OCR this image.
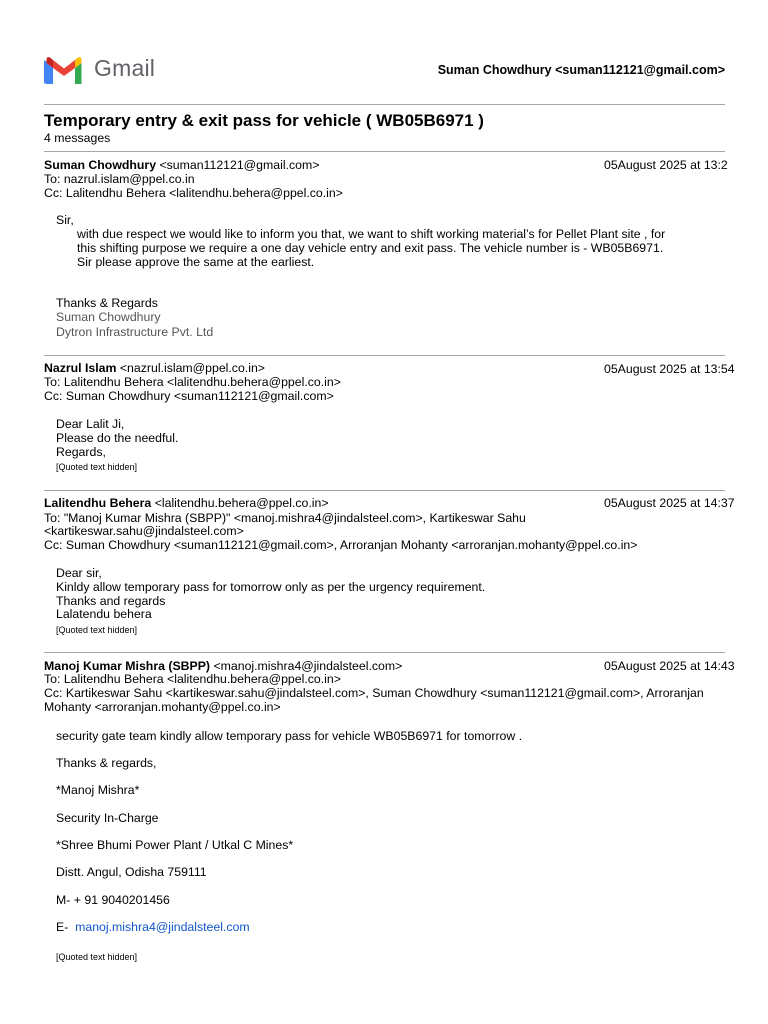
Gmail	Suman Chowdhury <suman112121@gmail.com>
Temporary entry & exit pass for vehicle ( WB05B6971 )
4 messages
Suman Chowdhury <suman112121@gmail.com>	05August 2025 at 13:2
To: nazrul.islam@ppel.co.in
Cc: Lalitendhu Behera <lalitendhu.behera@ppel.co.in>
Sir,
with due respect we would like to inform you that, we want to shift working material’s for Pellet Plant site , for
this shifting purpose we require a one day vehicle entry and exit pass. The vehicle number is - WB05B6971.
Sir please approve the same at the earliest.
Thanks & Regards
Suman Chowdhury
Dytron Infrastructure Pvt. Ltd
Nazrul Islam <nazrul.islam@ppel.co.in>	05August 2025 at 13:54
To: Lalitendhu Behera <lalitendhu.behera@ppel.co.in>
Cc: Suman Chowdhury <suman112121@gmail.com>
Dear Lalit Ji,
Please do the needful.
Regards,
[Quoted text hidden]
Lalitendhu Behera <lalitendhu.behera@ppel.co.in>	05August 2025 at 14:37
To: "Manoj Kumar Mishra (SBPP)" <manoj.mishra4@jindalsteel.com>, Kartikeswar Sahu
<kartikeswar.sahu@jindalsteel.com>
Cc: Suman Chowdhury <suman112121@gmail.com>, Arroranjan Mohanty <arroranjan.mohanty@ppel.co.in>
Dear sir,
Kinldy allow temporary pass for tomorrow only as per the urgency requirement.
Thanks and regards
Lalatendu behera
[Quoted text hidden]
Manoj Kumar Mishra (SBPP) <manoj.mishra4@jindalsteel.com>	05August 2025 at 14:43
To: Lalitendhu Behera <lalitendhu.behera@ppel.co.in>
Cc: Kartikeswar Sahu <kartikeswar.sahu@jindalsteel.com>, Suman Chowdhury <suman112121@gmail.com>, Arroranjan
Mohanty <arroranjan.mohanty@ppel.co.in>
security gate team kindly allow temporary pass for vehicle WB05B6971 for tomorrow .
Thanks & regards,
*Manoj Mishra*
Security In-Charge
*Shree Bhumi Power Plant / Utkal C Mines*
Distt. Angul, Odisha 759111
M- + 91 9040201456
E- manoj.mishra4@jindalsteel.com
[Quoted text hidden]
